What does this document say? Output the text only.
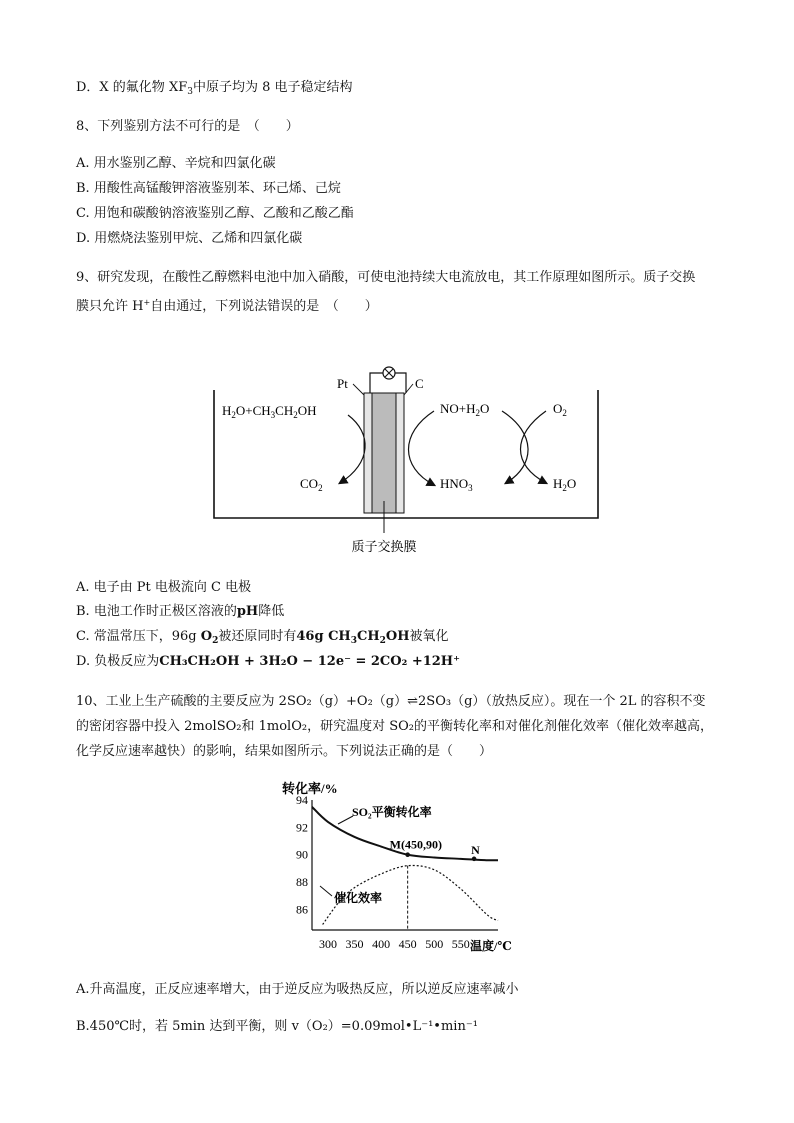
D．X 的氟化物 $XF_3$中原子均为 8 电子稳定结构
8、下列鉴别方法不可行的是　（　　）
A. 用水鉴别乙醇、辛烷和四氯化碳
B. 用酸性高锰酸钾溶液鉴别苯、环己烯、己烷
C. 用饱和碳酸钠溶液鉴别乙醇、乙酸和乙酸乙酯
D. 用燃烧法鉴别甲烷、乙烯和四氯化碳
9、研究发现，在酸性乙醇燃料电池中加入硝酸，可使电池持续大电流放电，其工作原理如图所示。质子交换
膜只允许 H+自由通过，下列说法错误的是　（　　）
Pt	C
$H_2O+CH_3CH_2OH$
$CO_2$
$NO+H_2O$
$HNO_3$
$O_2$
$H_2O$
质子交换膜
A. 电子由 Pt 电极流向 C 电极
B. 电池工作时正极区溶液的pH降低
C. 常温常压下，96g $O_2$被还原同时有46g $CH_3CH_2OH$被氧化
D. 负极反应为CH₃CH₂OH + 3H₂O − 12e⁻ = 2CO₂ +12H⁺
10、工业上生产硫酸的主要反应为 2SO₂（g）+O₂（g）⇌2SO₃（g）（放热反应）。现在一个 2L 的容积不变
的密闭容器中投入 2molSO₂和 1molO₂，研究温度对 SO₂的平衡转化率和对催化剂催化效率（催化效率越高，
化学反应速率越快）的影响，结果如图所示。下列说法正确的是（　　）
转化率/%
94
92
90
88
86
300 350 400 450 500 550
M(450,90) N
SO₂平衡转化率
催化效率
温度/℃
A.升高温度，正反应速率增大，由于逆反应为吸热反应，所以逆反应速率减小
B.450℃时，若 5min 达到平衡，则 v（O₂）=0.09mol•L⁻¹•min⁻¹
